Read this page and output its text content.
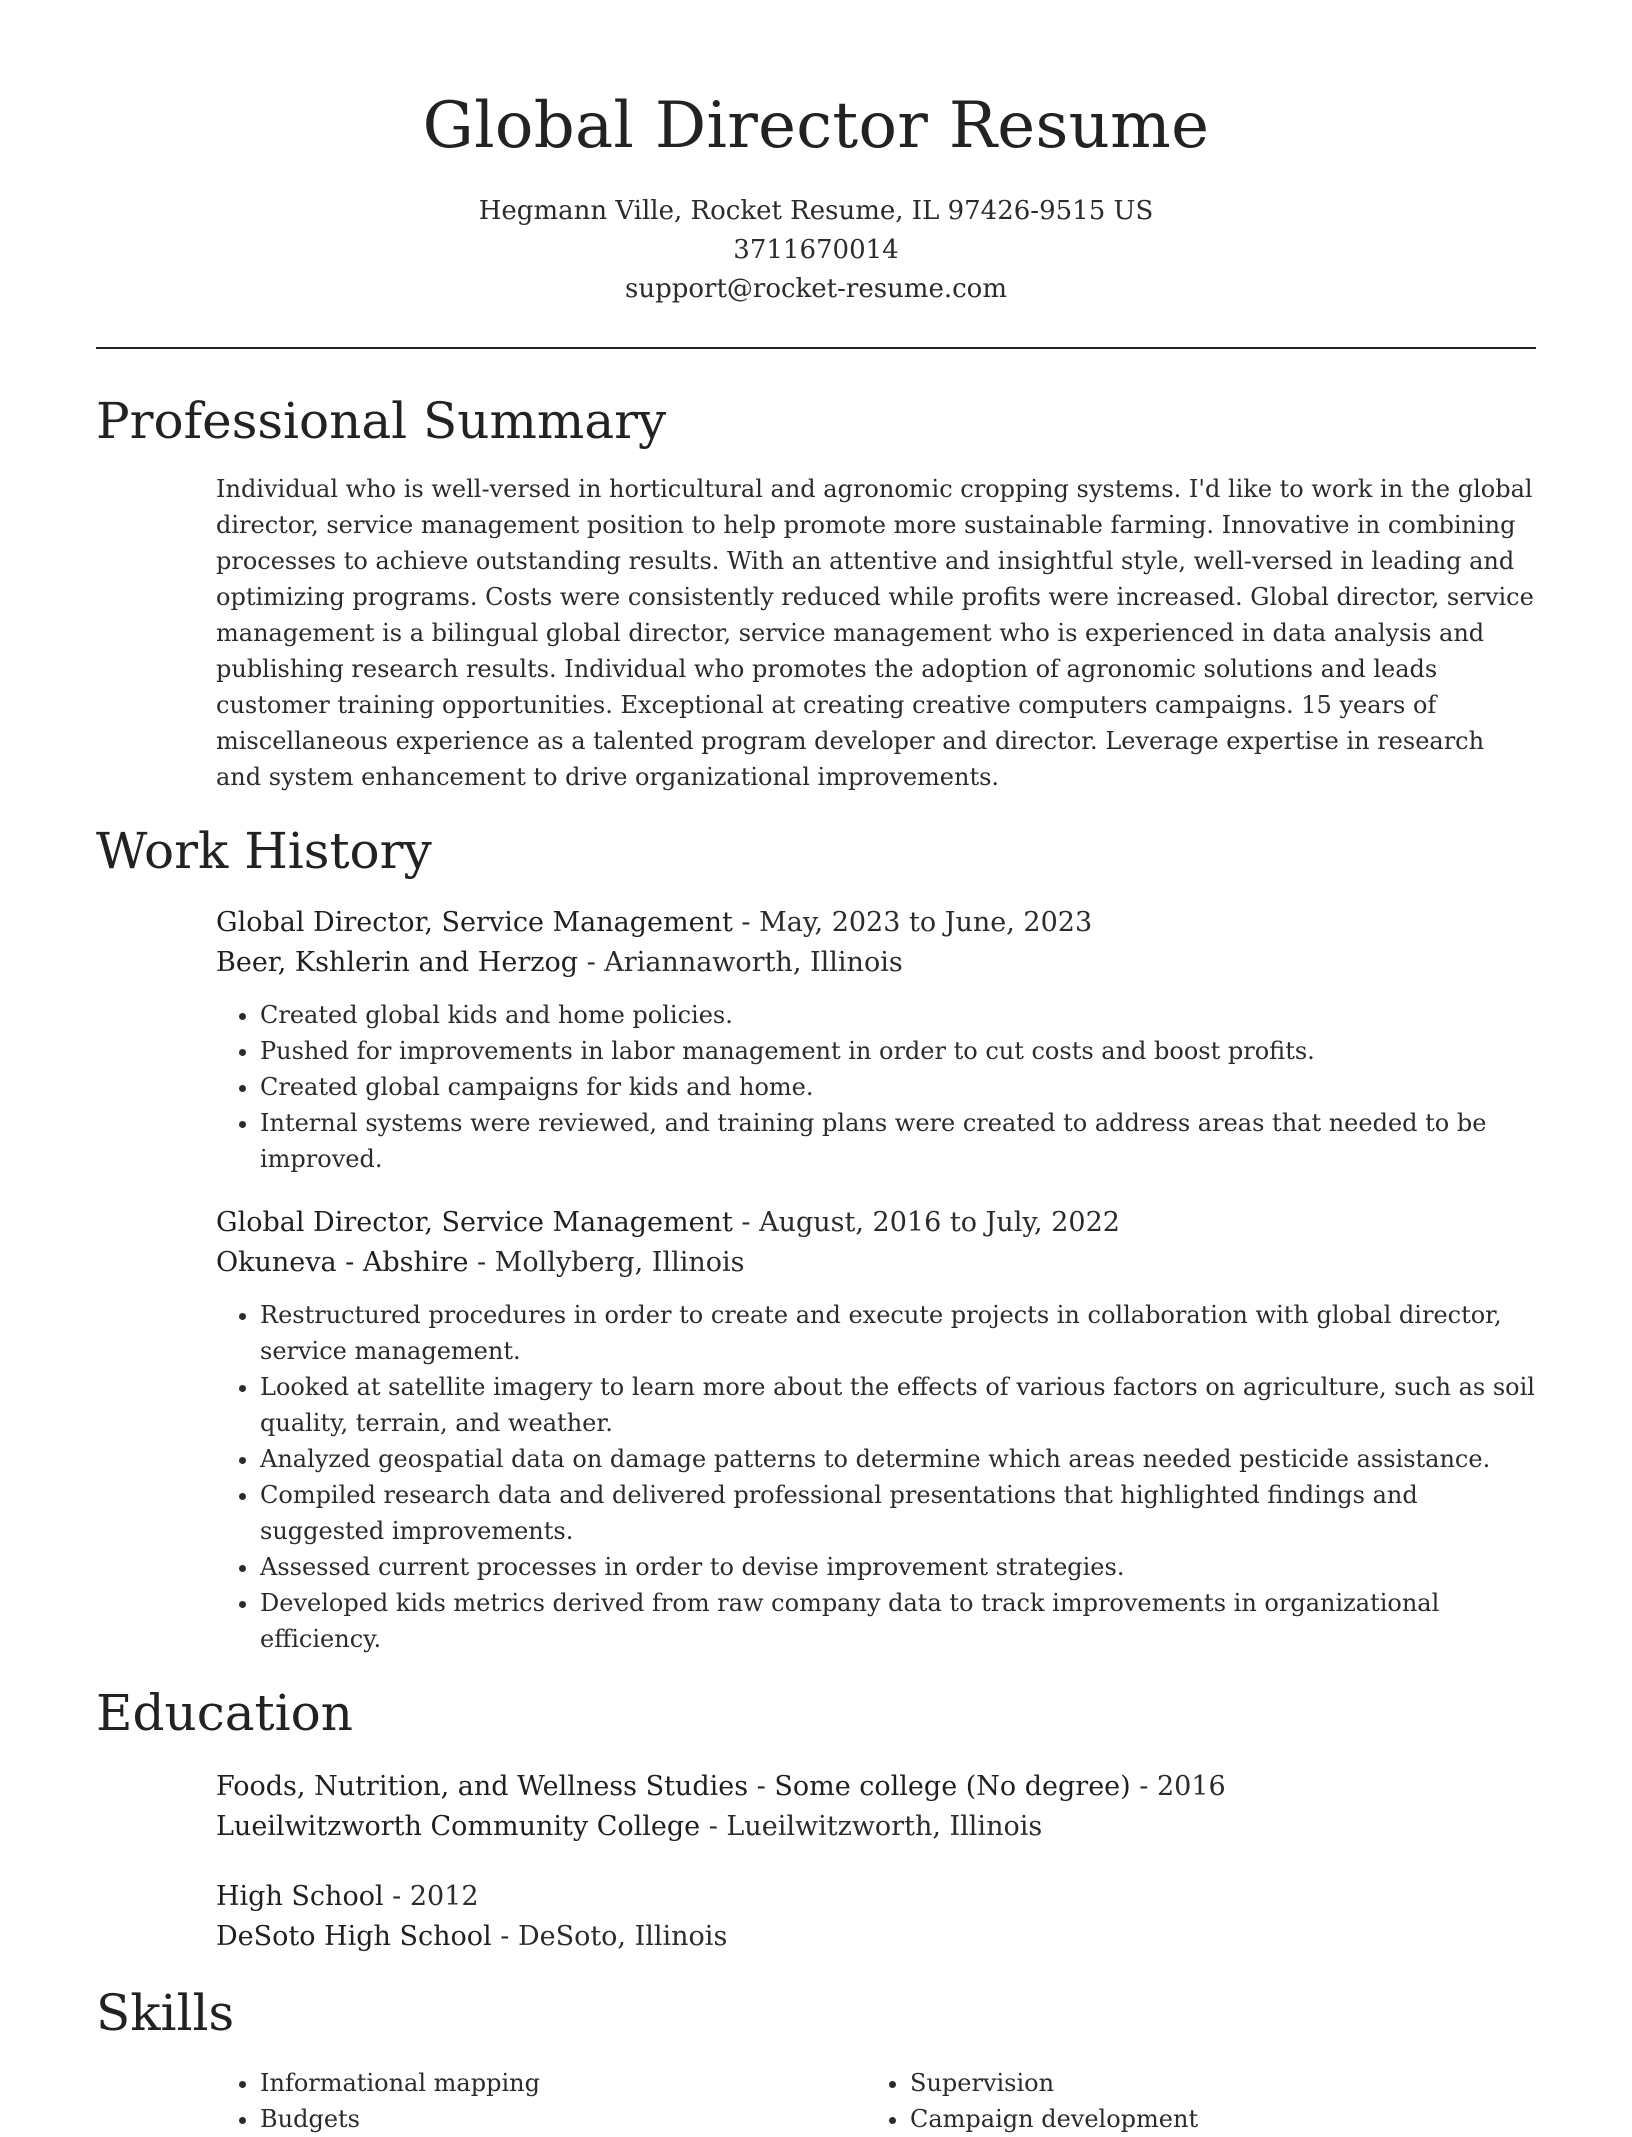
Global Director Resume
Hegmann Ville, Rocket Resume, IL 97426-9515 US
3711670014
support@rocket-resume.com
Professional Summary
Individual who is well-versed in horticultural and agronomic cropping systems. I'd like to work in the global director, service management position to help promote more sustainable farming. Innovative in combining processes to achieve outstanding results. With an attentive and insightful style, well-versed in leading and optimizing programs. Costs were consistently reduced while profits were increased. Global director, service management is a bilingual global director, service management who is experienced in data analysis and publishing research results. Individual who promotes the adoption of agronomic solutions and leads customer training opportunities. Exceptional at creating creative computers campaigns. 15 years of miscellaneous experience as a talented program developer and director. Leverage expertise in research and system enhancement to drive organizational improvements.
Work History
Global Director, Service Management - May, 2023 to June, 2023
Beer, Kshlerin and Herzog - Ariannaworth, Illinois
• Created global kids and home policies.
• Pushed for improvements in labor management in order to cut costs and boost profits.
• Created global campaigns for kids and home.
• Internal systems were reviewed, and training plans were created to address areas that needed to be improved.
Global Director, Service Management - August, 2016 to July, 2022
Okuneva - Abshire - Mollyberg, Illinois
• Restructured procedures in order to create and execute projects in collaboration with global director, service management.
• Looked at satellite imagery to learn more about the effects of various factors on agriculture, such as soil quality, terrain, and weather.
• Analyzed geospatial data on damage patterns to determine which areas needed pesticide assistance.
• Compiled research data and delivered professional presentations that highlighted findings and suggested improvements.
• Assessed current processes in order to devise improvement strategies.
• Developed kids metrics derived from raw company data to track improvements in organizational efficiency.
Education
Foods, Nutrition, and Wellness Studies - Some college (No degree) - 2016
Lueilwitzworth Community College - Lueilwitzworth, Illinois
High School - 2012
DeSoto High School - DeSoto, Illinois
Skills
• Informational mapping
• Budgets
• Supervision
• Campaign development
